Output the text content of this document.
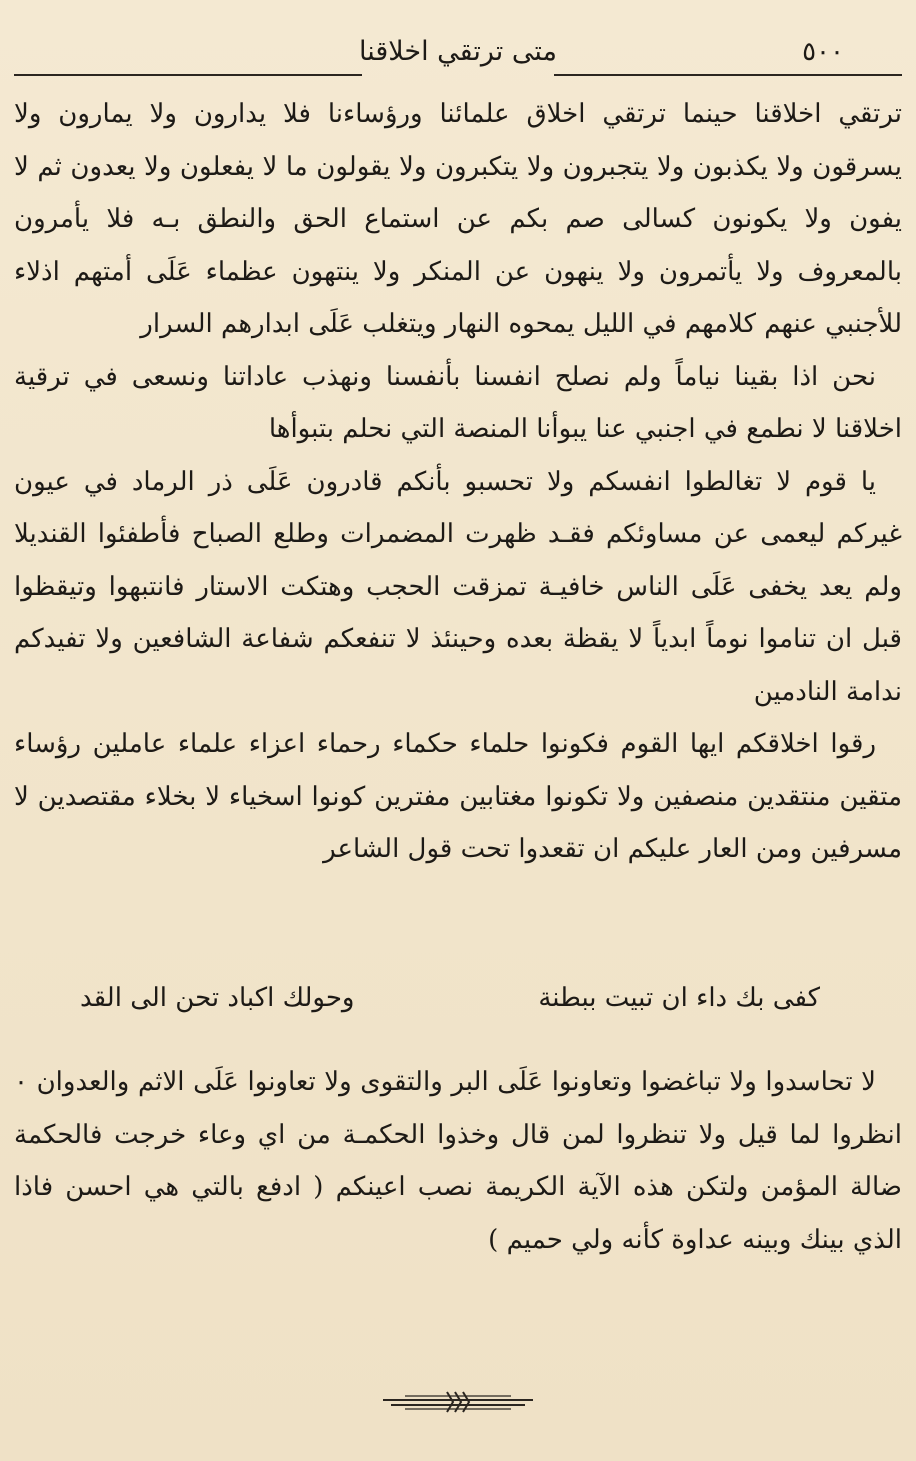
متى ترتقي اخلاقنا	٥٠٠

ترتقي اخلاقنا حينما ترتقي اخلاق علمائنا ورؤساءنا فلا يدارون ولا يمارون ولا يسرقون ولا يكذبون ولا يتجبرون ولا يتكبرون ولا يقولون ما لا يفعلون ولا يعدون ثم لا يفون ولا يكونون كسالى صم بكم عن استماع الحق والنطق بـه فلا يأمرون بالمعروف ولا يأتمرون ولا ينهون عن المنكر ولا ينتهون عظماء عَلَى أمتهم اذلاء للأجنبي عنهم كلامهم في الليل يمحوه النهار ويتغلب عَلَى ابدارهم السرار

نحن اذا بقينا نياماً ولم نصلح انفسنا بأنفسنا ونهذب عاداتنا ونسعى في ترقية اخلاقنا لا نطمع في اجنبي عنا يبوأنا المنصة التي نحلم بتبوأها

يا قوم لا تغالطوا انفسكم ولا تحسبو بأنكم قادرون عَلَى ذر الرماد في عيون غيركم ليعمى عن مساوئكم فقـد ظهرت المضمرات وطلع الصباح فأطفئوا القنديلا ولم يعد يخفى عَلَى الناس خافيـة تمزقت الحجب وهتكت الاستار فانتبهوا وتيقظوا قبل ان تناموا نوماً ابدياً لا يقظة بعده وحينئذ لا تنفعكم شفاعة الشافعين ولا تفيدكم ندامة النادمين

رقوا اخلاقكم ايها القوم فكونوا حلماء حكماء رحماء اعزاء علماء عاملين رؤساء متقين منتقدين منصفين ولا تكونوا مغتابين مفترين كونوا اسخياء لا بخلاء مقتصدين لا مسرفين ومن العار عليكم ان تقعدوا تحت قول الشاعر

كفى بك داء ان تبيت ببطنة
وحولك اكباد تحن الى القد

لا تحاسدوا ولا تباغضوا وتعاونوا عَلَى البر والتقوى ولا تعاونوا عَلَى الاثم والعدوان ٠ انظروا لما قيل ولا تنظروا لمن قال وخذوا الحكمـة من اي وعاء خرجت فالحكمة ضالة المؤمن ولتكن هذه الآية الكريمة نصب اعينكم ( ادفع بالتي هي احسن فاذا الذي بينك وبينه عداوة كأنه ولي حميم )
